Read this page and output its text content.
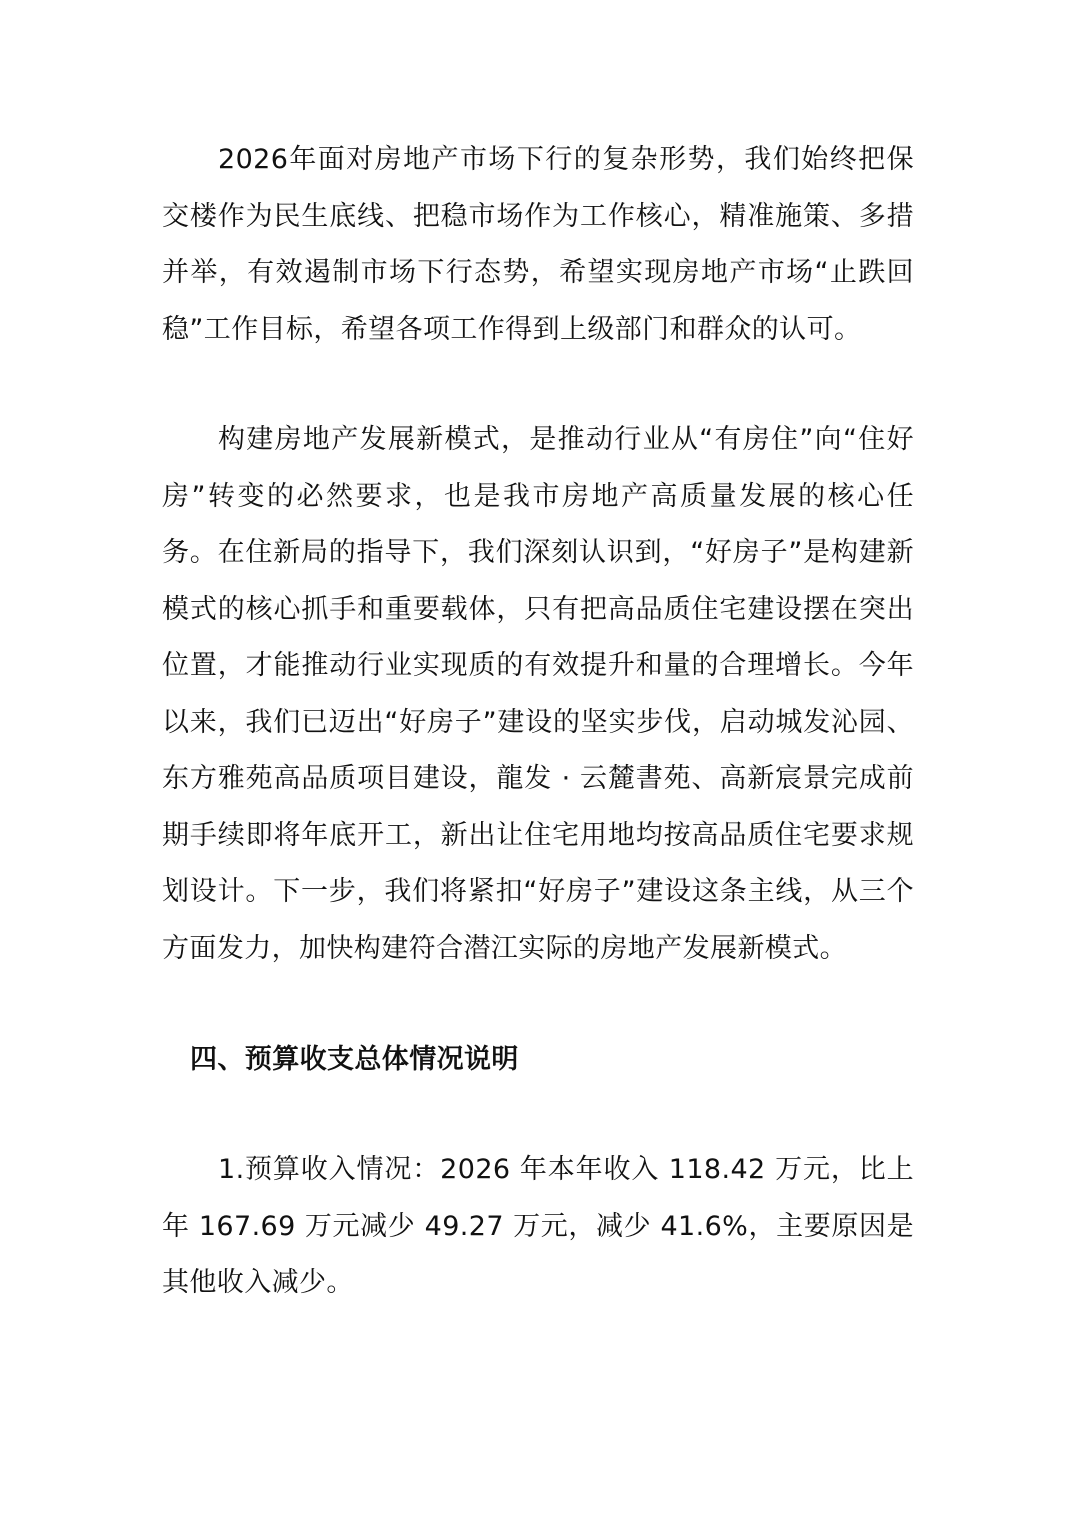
2026年面对房地产市场下行的复杂形势，我们始终把保交楼作为民生底线、把稳市场作为工作核心，精准施策、多措并举，有效遏制市场下行态势，希望实现房地产市场“止跌回稳”工作目标，希望各项工作得到上级部门和群众的认可。

构建房地产发展新模式，是推动行业从“有房住”向“住好房”转变的必然要求，也是我市房地产高质量发展的核心任务。在住新局的指导下，我们深刻认识到，“好房子”是构建新模式的核心抓手和重要载体，只有把高品质住宅建设摆在突出位置，才能推动行业实现质的有效提升和量的合理增长。今年以来，我们已迈出“好房子”建设的坚实步伐，启动城发沁园、东方雅苑高品质项目建设，龍发 · 云麓書苑、高新宸景完成前期手续即将年底开工，新出让住宅用地均按高品质住宅要求规划设计。下一步，我们将紧扣“好房子”建设这条主线，从三个方面发力，加快构建符合潜江实际的房地产发展新模式。

四、预算收支总体情况说明

1.预算收入情况：2026 年本年收入 118.42 万元，比上年 167.69 万元减少 49.27 万元，减少 41.6%，主要原因是其他收入减少。
